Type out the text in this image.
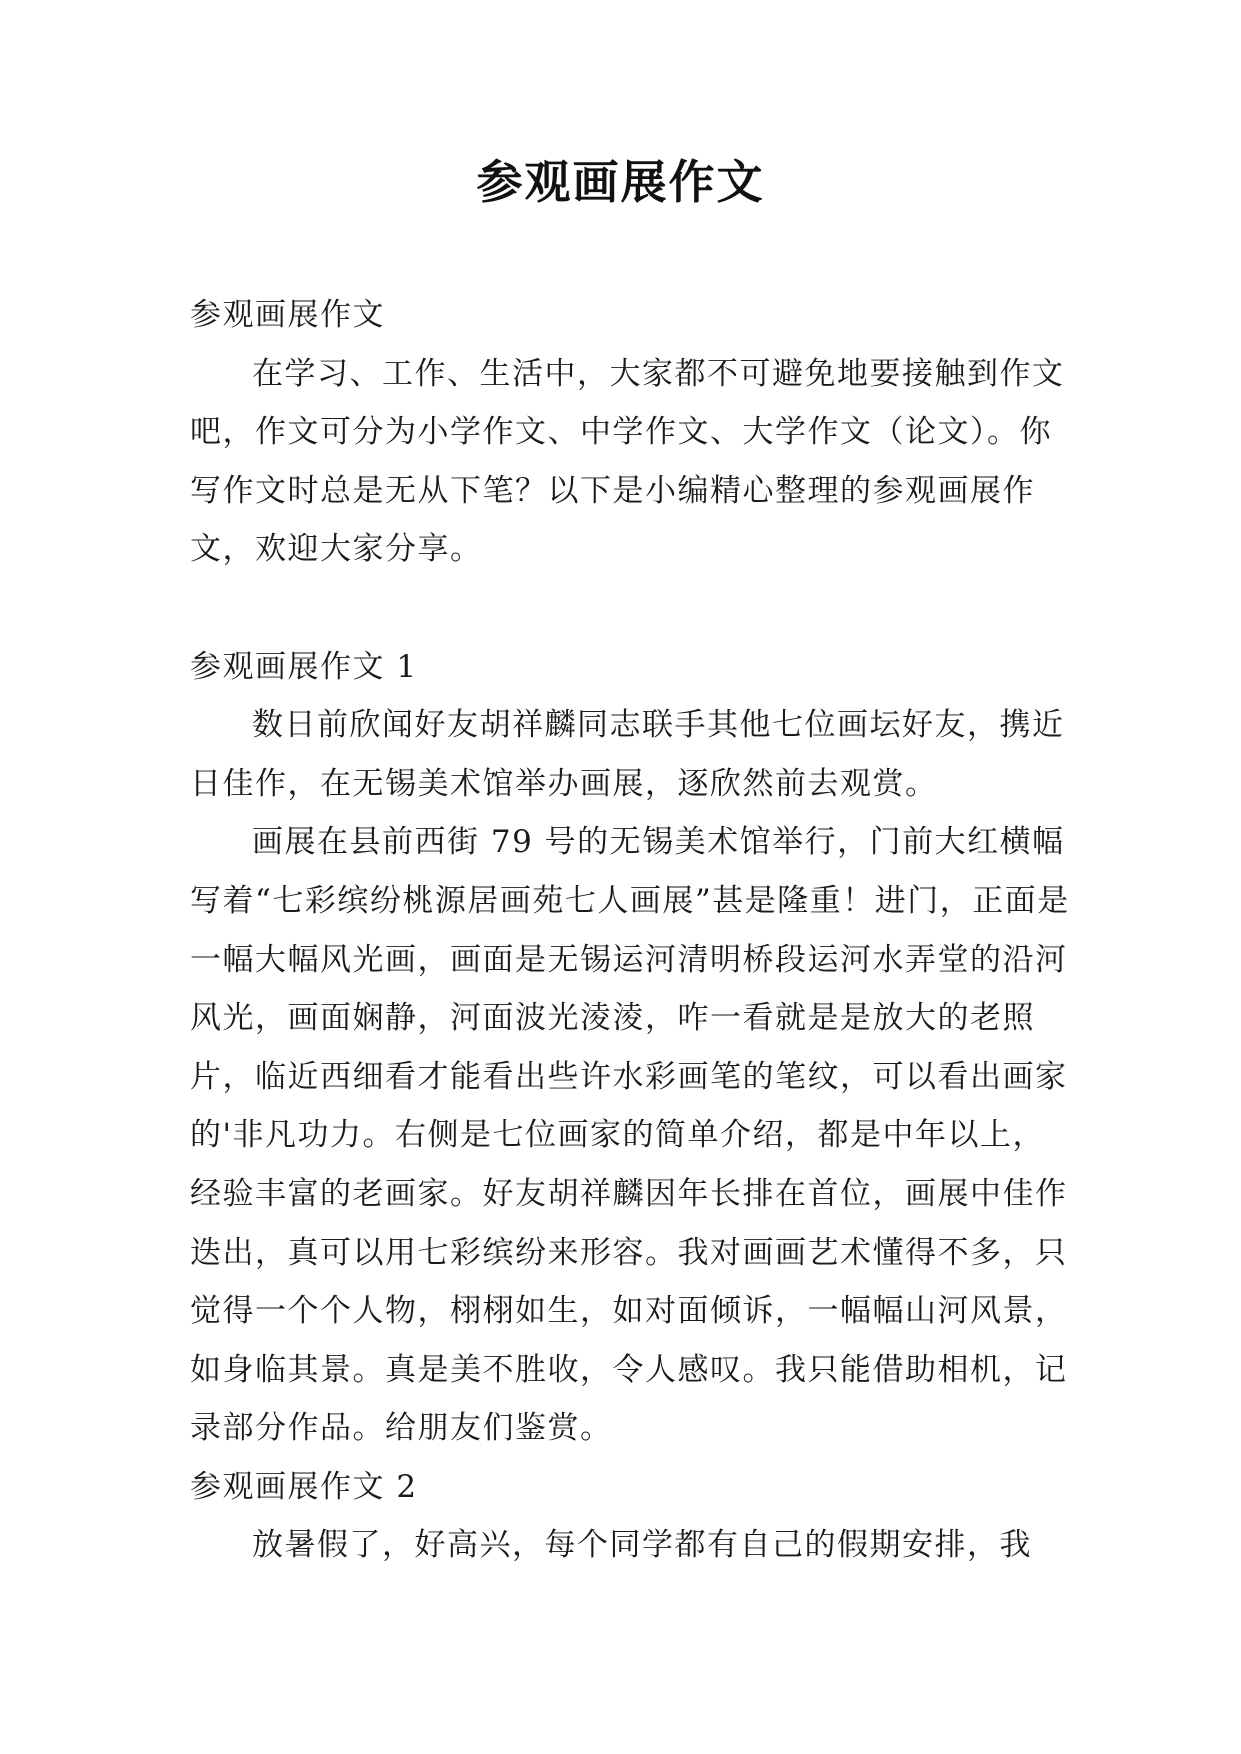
参观画展作文

参观画展作文

在学习、工作、生活中，大家都不可避免地要接触到作文吧，作文可分为小学作文、中学作文、大学作文（论文）。你写作文时总是无从下笔？以下是小编精心整理的参观画展作文，欢迎大家分享。

参观画展作文 1

数日前欣闻好友胡祥麟同志联手其他七位画坛好友，携近日佳作，在无锡美术馆举办画展，逐欣然前去观赏。

画展在县前西街 79 号的无锡美术馆举行，门前大红横幅写着“七彩缤纷桃源居画苑七人画展”甚是隆重！进门，正面是一幅大幅风光画，画面是无锡运河清明桥段运河水弄堂的沿河风光，画面娴静，河面波光淩淩，咋一看就是是放大的老照片，临近西细看才能看出些许水彩画笔的笔纹，可以看出画家的'非凡功力。右侧是七位画家的简单介绍，都是中年以上，经验丰富的老画家。好友胡祥麟因年长排在首位，画展中佳作迭出，真可以用七彩缤纷来形容。我对画画艺术懂得不多，只觉得一个个人物，栩栩如生，如对面倾诉，一幅幅山河风景，如身临其景。真是美不胜收，令人感叹。我只能借助相机，记录部分作品。给朋友们鉴赏。

参观画展作文 2

放暑假了，好高兴，每个同学都有自己的假期安排，我
